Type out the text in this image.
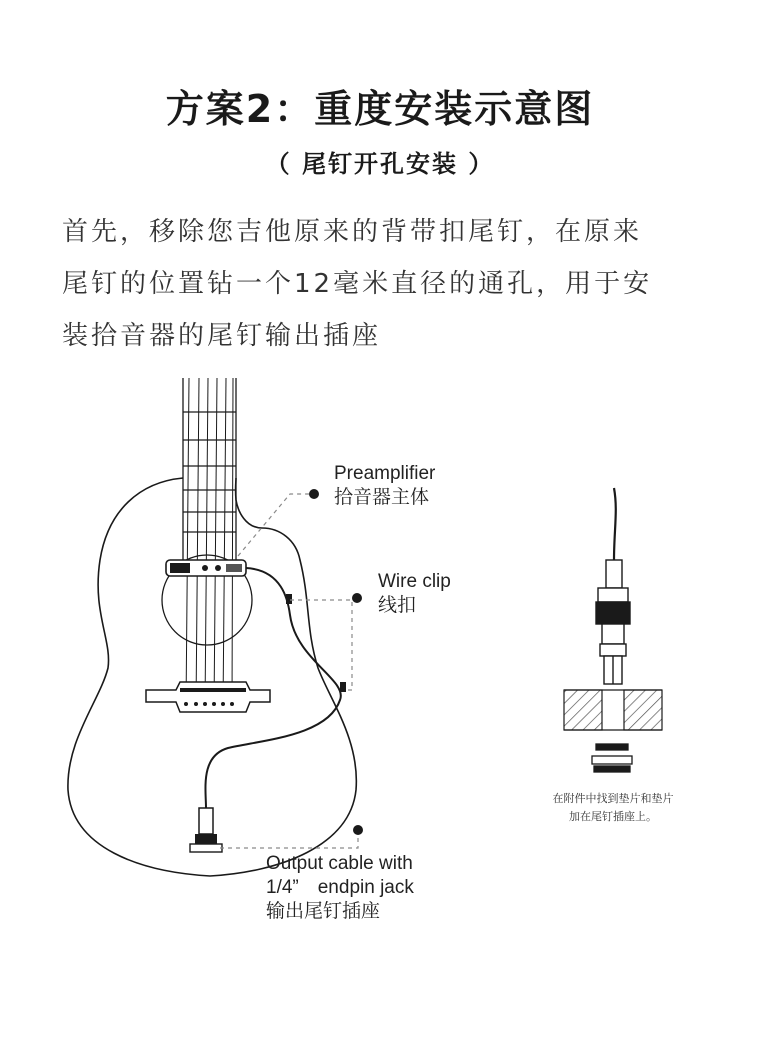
方案2：重度安装示意图
（ 尾钉开孔安装 ）
首先，移除您吉他原来的背带扣尾钉，在原来
尾钉的位置钻一个12毫米直径的通孔，用于安
装拾音器的尾钉输出插座
Preamplifier
拾音器主体
Wire clip
线扣
Output cable with
1/4”　endpin jack
输出尾钉插座
在附件中找到垫片和垫片
加在尾钉插座上。
